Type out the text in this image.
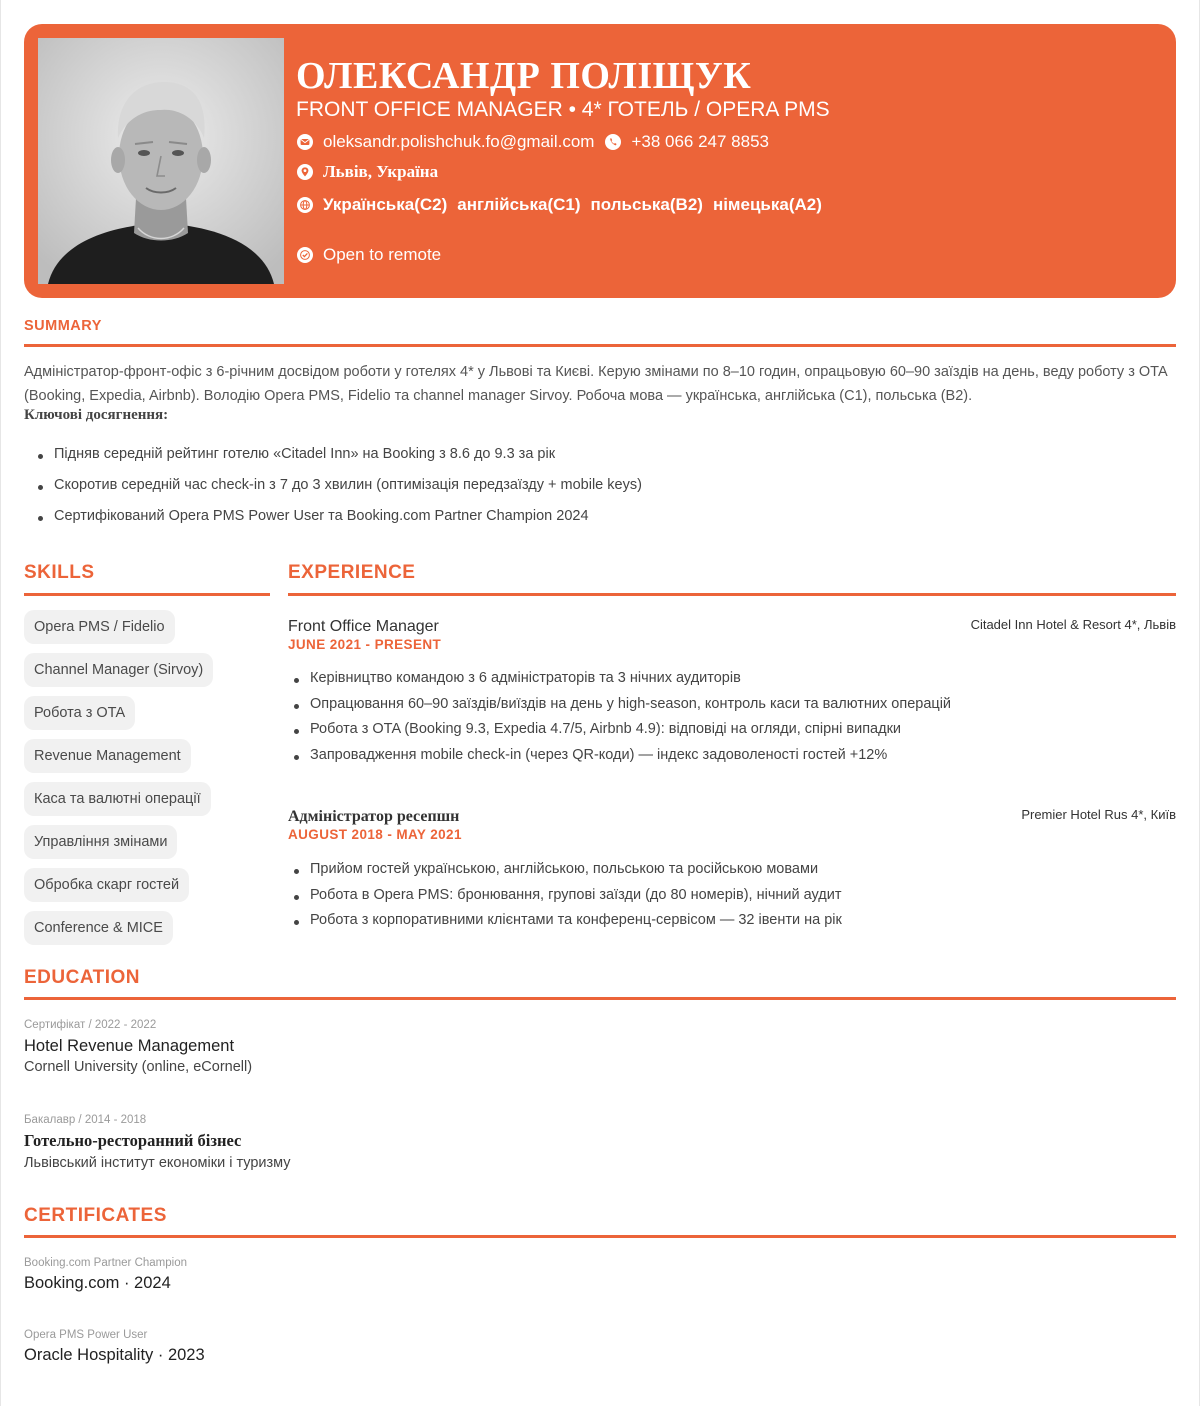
ОЛЕКСАНДР ПОЛІЩУК
FRONT OFFICE MANAGER • 4* ГОТЕЛЬ / OPERA PMS
oleksandr.polishchuk.fo@gmail.com +38 066 247 8853
Львів, Україна
Українська(C2) англійська(C1) польська(B2) німецька(A2)
Open to remote
SUMMARY
Адміністратор-фронт-офіс з 6-річним досвідом роботи у готелях 4* у Львові та Києві. Керую змінами по 8–10 годин, опрацьовую 60–90 заїздів на день, веду роботу з OTA (Booking, Expedia, Airbnb). Володію Opera PMS, Fidelio та channel manager Sirvoy. Робоча мова — українська, англійська (C1), польська (B2).
Ключові досягнення:
Підняв середній рейтинг готелю «Citadel Inn» на Booking з 8.6 до 9.3 за рік
Скоротив середній час check-in з 7 до 3 хвилин (оптимізація передзаїзду + mobile keys)
Сертифікований Opera PMS Power User та Booking.com Partner Champion 2024
SKILLS
Opera PMS / Fidelio
Channel Manager (Sirvoy)
Робота з OTA
Revenue Management
Каса та валютні операції
Управління змінами
Обробка скарг гостей
Conference & MICE
EXPERIENCE
Front Office Manager
JUNE 2021 - PRESENT
Citadel Inn Hotel & Resort 4*, Львів
Керівництво командою з 6 адміністраторів та 3 нічних аудиторів
Опрацювання 60–90 заїздів/виїздів на день у high-season, контроль каси та валютних операцій
Робота з OTA (Booking 9.3, Expedia 4.7/5, Airbnb 4.9): відповіді на огляди, спірні випадки
Запровадження mobile check-in (через QR-коди) — індекс задоволеності гостей +12%
Адміністратор ресепшн
AUGUST 2018 - MAY 2021
Premier Hotel Rus 4*, Київ
Прийом гостей українською, англійською, польською та російською мовами
Робота в Opera PMS: бронювання, групові заїзди (до 80 номерів), нічний аудит
Робота з корпоративними клієнтами та конференц-сервісом — 32 івенти на рік
EDUCATION
Сертифікат / 2022 - 2022
Hotel Revenue Management
Cornell University (online, eCornell)
Бакалавр / 2014 - 2018
Готельно-ресторанний бізнес
Львівський інститут економіки і туризму
CERTIFICATES
Booking.com Partner Champion
Booking.com · 2024
Opera PMS Power User
Oracle Hospitality · 2023
